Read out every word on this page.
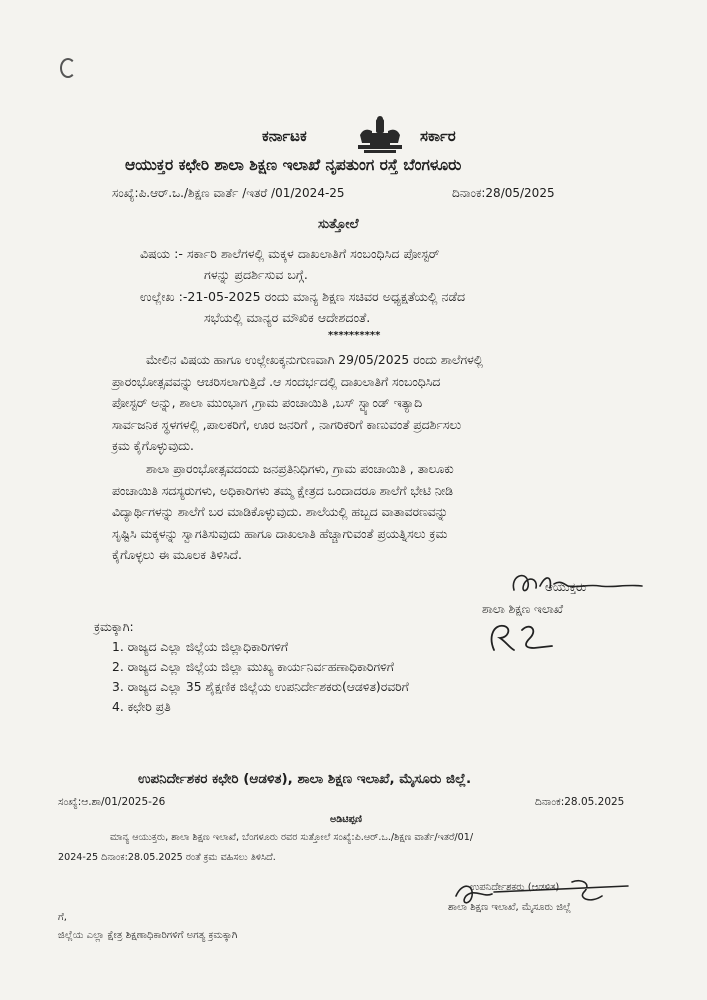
ಕರ್ನಾಟಕ	ಸರ್ಕಾರ
ಆಯುಕ್ತರ ಕಛೇರಿ ಶಾಲಾ ಶಿಕ್ಷಣ ಇಲಾಖೆ ನೃಪತುಂಗ ರಸ್ತೆ ಬೆಂಗಳೂರು
ಸಂಖ್ಯೆ:ಪಿ.ಆರ್.ಒ./ಶಿಕ್ಷಣ ವಾರ್ತೆ /ಇತರೆ /01/2024-25	ದಿನಾಂಕ:28/05/2025
ಸುತ್ತೋಲೆ
ವಿಷಯ :- ಸರ್ಕಾರಿ ಶಾಲೆಗಳಲ್ಲಿ ಮಕ್ಕಳ ದಾಖಲಾತಿಗೆ ಸಂಬಂಧಿಸಿದ ಪೋಸ್ಟರ್
ಗಳನ್ನು ಪ್ರದರ್ಶಿಸುವ ಬಗ್ಗೆ.
ಉಲ್ಲೇಖ :-21-05-2025 ರಂದು ಮಾನ್ಯ ಶಿಕ್ಷಣ ಸಚಿವರ ಅಧ್ಯಕ್ಷತೆಯಲ್ಲಿ ನಡೆದ
ಸಭೆಯಲ್ಲಿ ಮಾನ್ಯರ ಮೌಖಿಕ ಆದೇಶದಂತೆ.
**********
ಮೇಲಿನ ವಿಷಯ ಹಾಗೂ ಉಲ್ಲೇಖಕ್ಕನುಗುಣವಾಗಿ 29/05/2025 ರಂದು ಶಾಲೆಗಳಲ್ಲಿ
ಪ್ರಾರಂಭೋತ್ಸವವನ್ನು ಆಚರಿಸಲಾಗುತ್ತಿದೆ .ಆ ಸಂದರ್ಭದಲ್ಲಿ ದಾಖಲಾತಿಗೆ ಸಂಬಂಧಿಸಿದ
ಪೋಸ್ಟರ್ ಅನ್ನು, ಶಾಲಾ ಮುಂಭಾಗ ,ಗ್ರಾಮ ಪಂಚಾಯಿತಿ ,ಬಸ್ ಸ್ಟ್ಯಾಂಡ್ ಇತ್ಯಾದಿ
ಸಾರ್ವಜನಿಕ ಸ್ಥಳಗಳಲ್ಲಿ ,ಪಾಲಕರಿಗೆ, ಊರ ಜನರಿಗೆ , ನಾಗರಿಕರಿಗೆ ಕಾಣುವಂತೆ ಪ್ರದರ್ಶಿಸಲು
ಕ್ರಮ ಕೈಗೊಳ್ಳುವುದು.
ಶಾಲಾ ಪ್ರಾರಂಭೋತ್ಸವದಂದು ಜನಪ್ರತಿನಿಧಿಗಳು, ಗ್ರಾಮ ಪಂಚಾಯಿತಿ , ತಾಲೂಕು
ಪಂಚಾಯಿತಿ ಸದಸ್ಯರುಗಳು, ಅಧಿಕಾರಿಗಳು ತಮ್ಮ ಕ್ಷೇತ್ರದ ಒಂದಾದರೂ ಶಾಲೆಗೆ ಭೇಟಿ ನೀಡಿ
ವಿದ್ಯಾರ್ಥಿಗಳನ್ನು ಶಾಲೆಗೆ ಬರ ಮಾಡಿಕೊಳ್ಳುವುದು. ಶಾಲೆಯಲ್ಲಿ ಹಬ್ಬದ ವಾತಾವರಣವನ್ನು
ಸೃಷ್ಟಿಸಿ ಮಕ್ಕಳನ್ನು ಸ್ವಾಗತಿಸುವುದು ಹಾಗೂ ದಾಖಲಾತಿ ಹೆಚ್ಚಾಗುವಂತೆ ಪ್ರಯತ್ನಿಸಲು ಕ್ರಮ
ಕೈಗೊಳ್ಳಲು ಈ ಮೂಲಕ ತಿಳಿಸಿದೆ.
ಆಯುಕ್ತರು
ಶಾಲಾ ಶಿಕ್ಷಣ ಇಲಾಖೆ
ಕ್ರಮಕ್ಕಾಗಿ:
1. ರಾಜ್ಯದ ಎಲ್ಲಾ ಜಿಲ್ಲೆಯ ಜಿಲ್ಲಾಧಿಕಾರಿಗಳಿಗೆ
2. ರಾಜ್ಯದ ಎಲ್ಲಾ ಜಿಲ್ಲೆಯ ಜಿಲ್ಲಾ ಮುಖ್ಯ ಕಾರ್ಯನಿರ್ವಹಣಾಧಿಕಾರಿಗಳಿಗೆ
3. ರಾಜ್ಯದ ಎಲ್ಲಾ 35 ಶೈಕ್ಷಣಿಕ ಜಿಲ್ಲೆಯ ಉಪನಿರ್ದೇಶಕರು(ಆಡಳಿತ)ರವರಿಗೆ
4. ಕಛೇರಿ ಪ್ರತಿ
ಉಪನಿರ್ದೇಶಕರ ಕಛೇರಿ (ಆಡಳಿತ), ಶಾಲಾ ಶಿಕ್ಷಣ ಇಲಾಖೆ, ಮೈಸೂರು ಜಿಲ್ಲೆ.
ಸಂಖ್ಯೆ:ಆ.ಶಾ/01/2025-26	ದಿನಾಂಕ:28.05.2025
ಅಡಿಟಿಪ್ಪಣಿ
ಮಾನ್ಯ ಆಯುಕ್ತರು, ಶಾಲಾ ಶಿಕ್ಷಣ ಇಲಾಖೆ, ಬೆಂಗಳೂರು ರವರ ಸುತ್ತೋಲೆ ಸಂಖ್ಯೆ:ಪಿ.ಆರ್.ಒ./ಶಿಕ್ಷಣ ವಾರ್ತೆ/ಇತರೆ/01/
2024-25 ದಿನಾಂಕ:28.05.2025 ರಂತೆ ಕ್ರಮ ವಹಿಸಲು ತಿಳಿಸಿದೆ.
ಉಪನಿರ್ದೇಶಕರು (ಆಡಳಿತ)
ಶಾಲಾ ಶಿಕ್ಷಣ ಇಲಾಖೆ, ಮೈಸೂರು ಜಿಲ್ಲೆ
ಗೆ,
ಜಿಲ್ಲೆಯ ಎಲ್ಲಾ ಕ್ಷೇತ್ರ ಶಿಕ್ಷಣಾಧಿಕಾರಿಗಳಿಗೆ ಅಗತ್ಯ ಕ್ರಮಕ್ಕಾಗಿ
